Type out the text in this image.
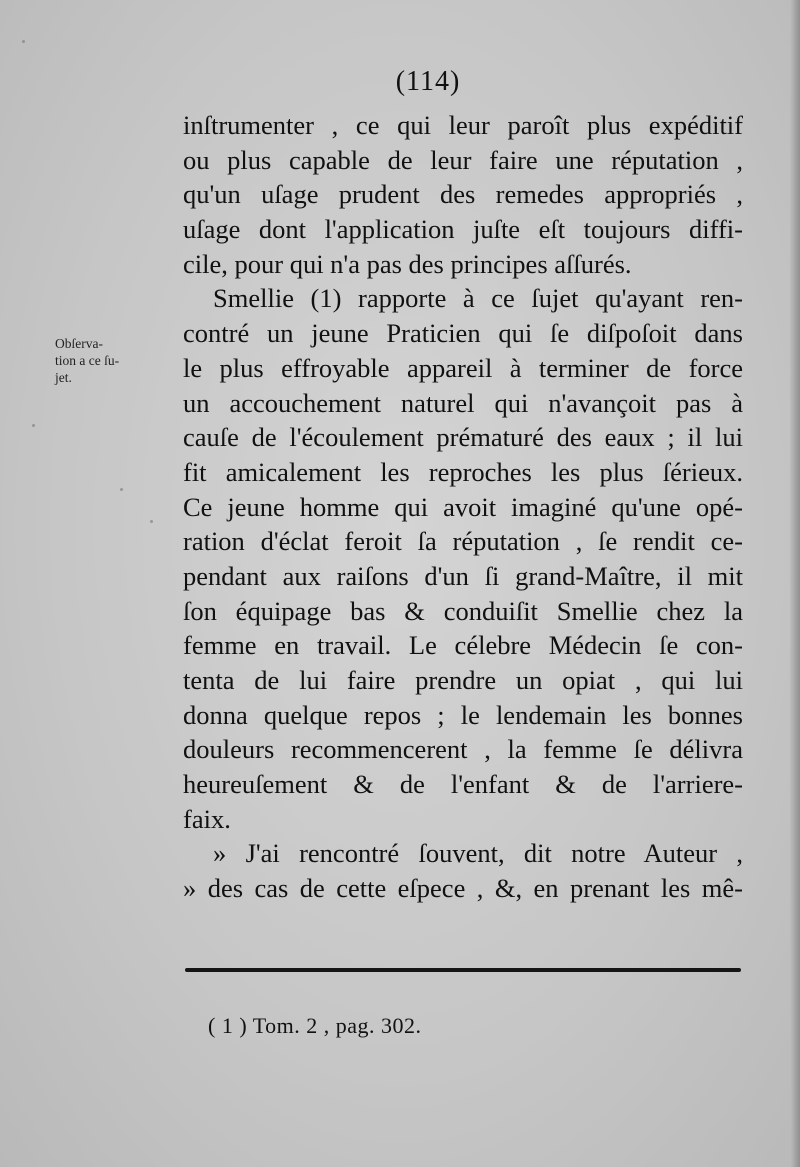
(114)
Obſerva-
tion a ce ſu-
jet.
inſtrumenter , ce qui leur paroît plus expéditif
ou plus capable de leur faire une réputation ,
qu'un uſage prudent des remedes appropriés ,
uſage dont l'application juſte eſt toujours diffi-
cile, pour qui n'a pas des principes aſſurés.
Smellie (1) rapporte à ce ſujet qu'ayant ren-
contré un jeune Praticien qui ſe diſpoſoit dans
le plus effroyable appareil à terminer de force
un accouchement naturel qui n'avançoit pas à
cauſe de l'écoulement prématuré des eaux ; il lui
fit amicalement les reproches les plus ſérieux.
Ce jeune homme qui avoit imaginé qu'une opé-
ration d'éclat feroit ſa réputation , ſe rendit ce-
pendant aux raiſons d'un ſi grand-Maître, il mit
ſon équipage bas & conduiſit Smellie chez la
femme en travail. Le célebre Médecin ſe con-
tenta de lui faire prendre un opiat , qui lui
donna quelque repos ; le lendemain les bonnes
douleurs recommencerent , la femme ſe délivra
heureuſement & de l'enfant & de l'arriere-
faix.
» J'ai rencontré ſouvent, dit notre Auteur ,
» des cas de cette eſpece , &, en prenant les mê-
( 1 ) Tom. 2 , pag. 302.
